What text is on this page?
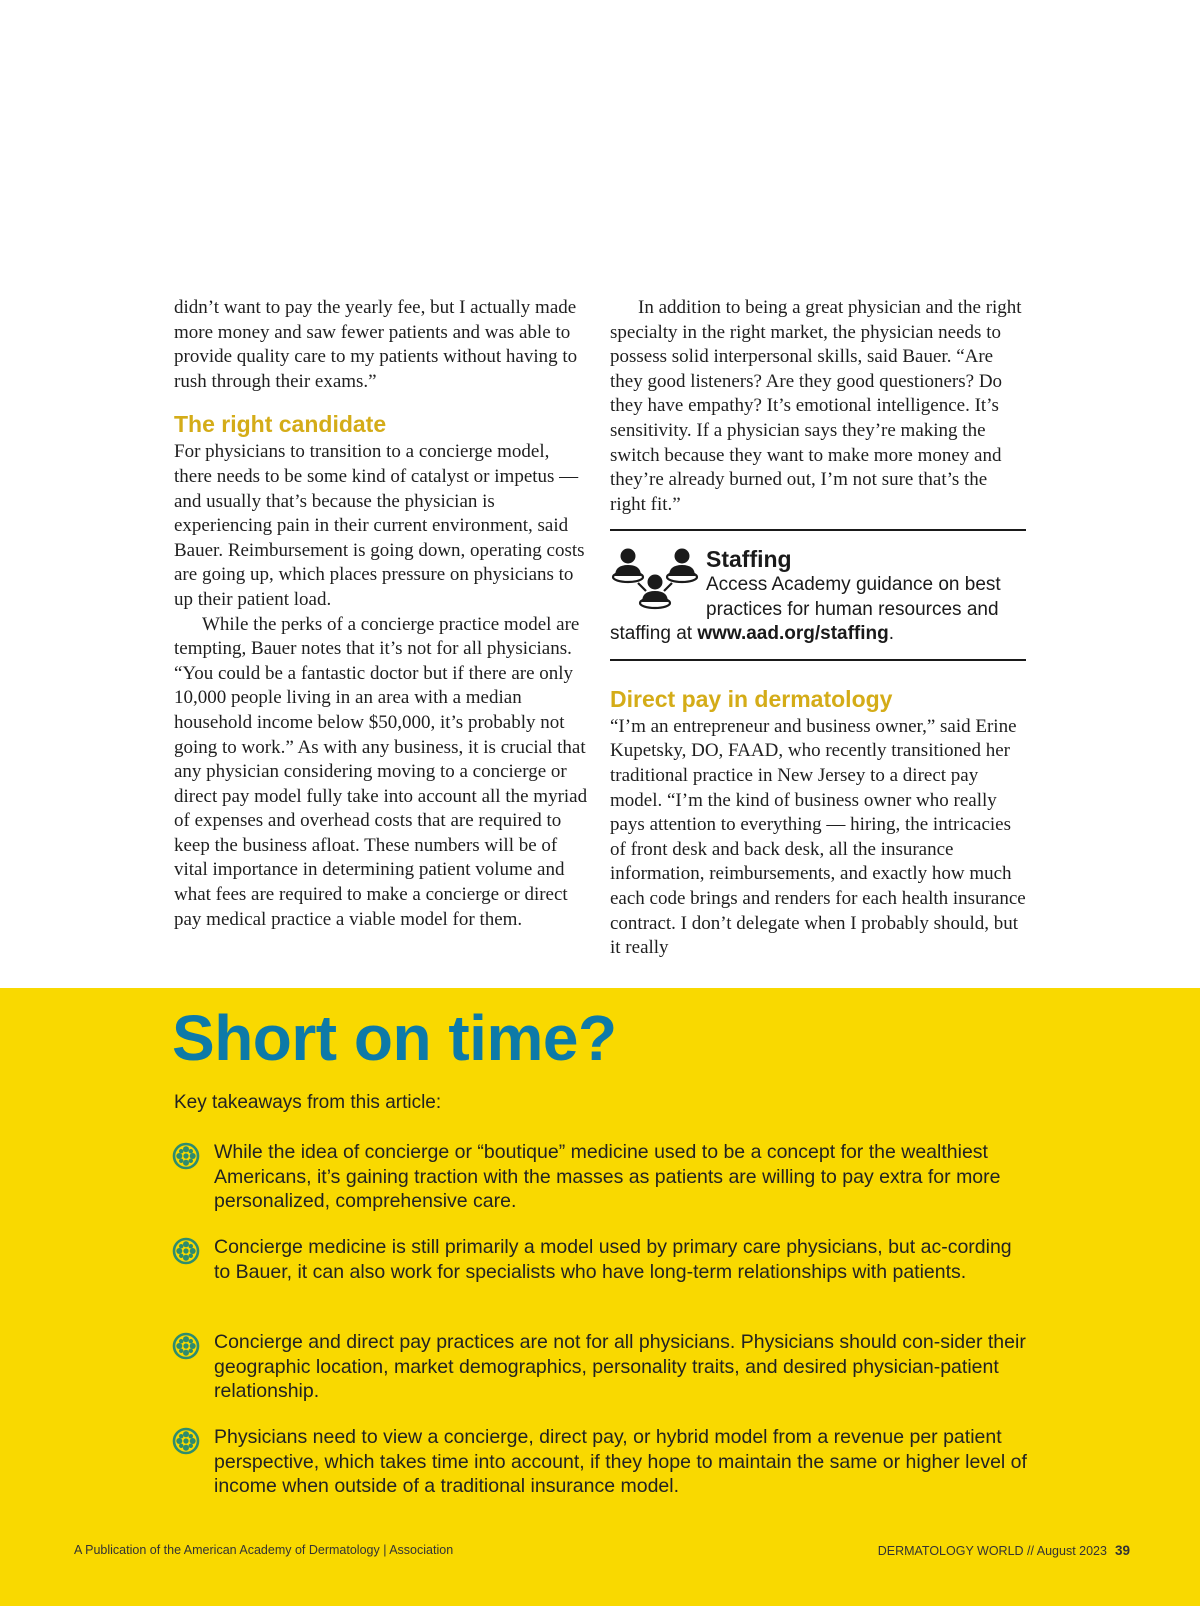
didn’t want to pay the yearly fee, but I actually made more money and saw fewer patients and was able to provide quality care to my patients without having to rush through their exams.”

The right candidate

For physicians to transition to a concierge model, there needs to be some kind of catalyst or impetus — and usually that’s because the physician is experiencing pain in their current environment, said Bauer. Reimbursement is going down, operating costs are going up, which places pressure on physicians to up their patient load.

While the perks of a concierge practice model are tempting, Bauer notes that it’s not for all physicians. “You could be a fantastic doctor but if there are only 10,000 people living in an area with a median household income below $50,000, it’s probably not going to work.” As with any business, it is crucial that any physician considering moving to a concierge or direct pay model fully take into account all the myriad of expenses and overhead costs that are required to keep the business afloat. These numbers will be of vital importance in determining patient volume and what fees are required to make a concierge or direct pay medical practice a viable model for them.

In addition to being a great physician and the right specialty in the right market, the physician needs to possess solid interpersonal skills, said Bauer. “Are they good listeners? Are they good questioners? Do they have empathy? It’s emotional intelligence. It’s sensitivity. If a physician says they’re making the switch because they want to make more money and they’re already burned out, I’m not sure that’s the right fit.”

Staffing
Access Academy guidance on best practices for human resources and staffing at www.aad.org/staffing.
Direct pay in dermatology

“I’m an entrepreneur and business owner,” said Erine Kupetsky, DO, FAAD, who recently transitioned her traditional practice in New Jersey to a direct pay model. “I’m the kind of business owner who really pays attention to everything — hiring, the intricacies of front desk and back desk, all the insurance information, reimbursements, and exactly how much each code brings and renders for each health insurance contract. I don’t delegate when I probably should, but it really

Short on time?
Key takeaways from this article:
While the idea of concierge or “boutique” medicine used to be a concept for the wealthiest Americans, it’s gaining traction with the masses as patients are willing to pay extra for more personalized, comprehensive care.
Concierge medicine is still primarily a model used by primary care physicians, but ac-cording to Bauer, it can also work for specialists who have long-term relationships with patients.
Concierge and direct pay practices are not for all physicians. Physicians should con-sider their geographic location, market demographics, personality traits, and desired physician-patient relationship.
Physicians need to view a concierge, direct pay, or hybrid model from a revenue per patient perspective, which takes time into account, if they hope to maintain the same or higher level of income when outside of a traditional insurance model.
A Publication of the American Academy of Dermatology | Association	DERMATOLOGY WORLD // August 2023 39
